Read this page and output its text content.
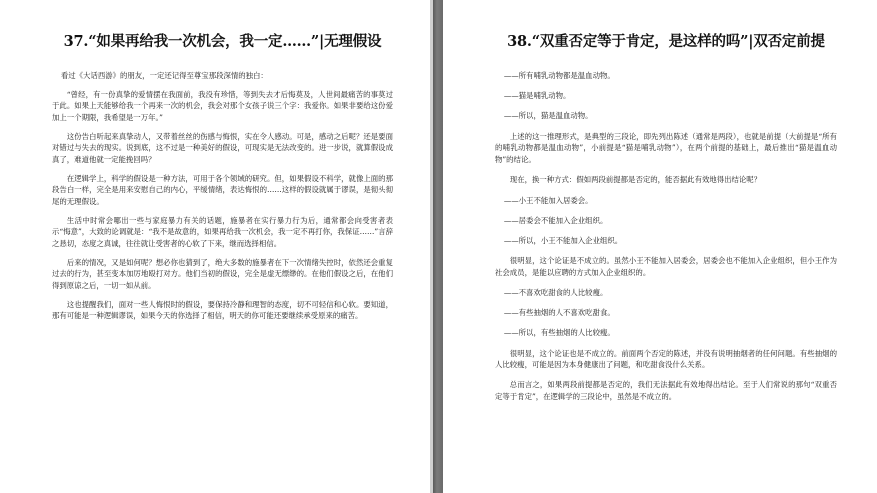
37.“如果再给我一次机会，我一定……”|无理假设

看过《大话西游》的朋友，一定还记得至尊宝那段深情的独白：

“曾经，有一份真挚的爱情摆在我面前，我没有珍惜，等到失去才后悔莫及，人世间最痛苦的事莫过于此。如果上天能够给我一个再来一次的机会，我会对那个女孩子说三个字：我爱你。如果非要给这份爱加上一个期限，我希望是一万年。”

这份告白听起来真挚动人，又带着丝丝的伤感与悔恨，实在令人感动。可是，感动之后呢？还是要面对错过与失去的现实。说到底，这不过是一种美好的假设，可现实是无法改变的。进一步说，就算假设成真了，难道他就一定能挽回吗？

在逻辑学上，科学的假设是一种方法，可用于各个领域的研究。但，如果假设不科学，就像上面的那段告白一样，完全是用来安慰自己的内心，平缓情绪，表达悔恨的……这样的假设就属于谬误，是彻头彻尾的无理假设。

生活中时常会哪出一些与家庭暴力有关的话题，施暴者在实行暴力行为后，通常都会向受害者表示“悔意”，大致的论调就是：“我不是故意的，如果再给我一次机会，我一定不再打你，我保证……”言辞之恳切，态度之真诚，往往就让受害者的心软了下来，继而选择相信。

后来的情况，又是如何呢？想必你也猜到了，绝大多数的施暴者在下一次情绪失控时，依然还会重复过去的行为，甚至变本加厉地殴打对方。他们当初的假设，完全是虚无缥缈的。在他们假设之后，在他们得到原谅之后，一切一如从前。

这也提醒我们，面对一些人悔恨时的假设，要保持冷静和理智的态度，切不可轻信和心软。要知道，那有可能是一种逻辑谬误，如果今天的你选择了相信，明天的你可能还要继续承受原来的痛苦。

38.“双重否定等于肯定，是这样的吗”|双否定前提

——所有哺乳动物都是温血动物。

——猫是哺乳动物。

——所以，猫是温血动物。

上述的这一推理形式，是典型的三段论，即先列出陈述（通常是两段），也就是前提（大前提是“所有的哺乳动物都是温血动物”，小前提是“猫是哺乳动物”），在两个前提的基础上，最后推出“猫是温血动物”的结论。

现在，换一种方式：假如两段前提都是否定的，能否据此有效地得出结论呢？

——小王不能加入居委会。

——居委会不能加入企业组织。

——所以，小王不能加入企业组织。

很明显，这个论证是不成立的。虽然小王不能加入居委会，居委会也不能加入企业组织，但小王作为社会成员，是能以应聘的方式加入企业组织的。

——不喜欢吃甜食的人比较瘦。

——有些抽烟的人不喜欢吃甜食。

——所以，有些抽烟的人比较瘦。

很明显，这个论证也是不成立的。前面两个否定的陈述，并没有说明抽烟者的任何问题。有些抽烟的人比较瘦，可能是因为本身健康出了问题，和吃甜食没什么关系。

总而言之，如果两段前提都是否定的，我们无法据此有效地得出结论。至于人们常说的那句“双重否定等于肯定”，在逻辑学的三段论中，虽然是不成立的。
